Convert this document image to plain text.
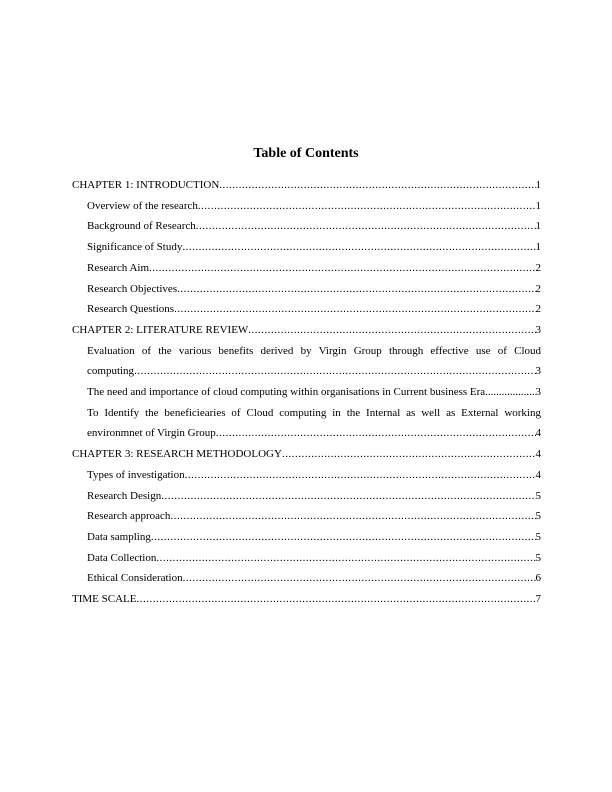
Table of Contents
CHAPTER 1: INTRODUCTION .....	1
Overview of the research .....	1
Background of Research .....	1
Significance of Study .....	1
Research Aim .....	2
Research Objectives .....	2
Research Questions .....	2
CHAPTER 2: LITERATURE REVIEW .....	3
Evaluation of the various benefits derived by Virgin Group through effective use of Cloud
computing .....	3
The need and importance of cloud computing within organisations in Current business Era .....	3
To Identify the beneficiearies of Cloud computing in the Internal as well as External working
environmnet of Virgin Group .....	4
CHAPTER 3: RESEARCH METHODOLOGY .....	4
Types of investigation .....	4
Research Design .....	5
Research approach .....	5
Data sampling .....	5
Data Collection .....	5
Ethical Consideration .....	6
TIME SCALE .....	7
